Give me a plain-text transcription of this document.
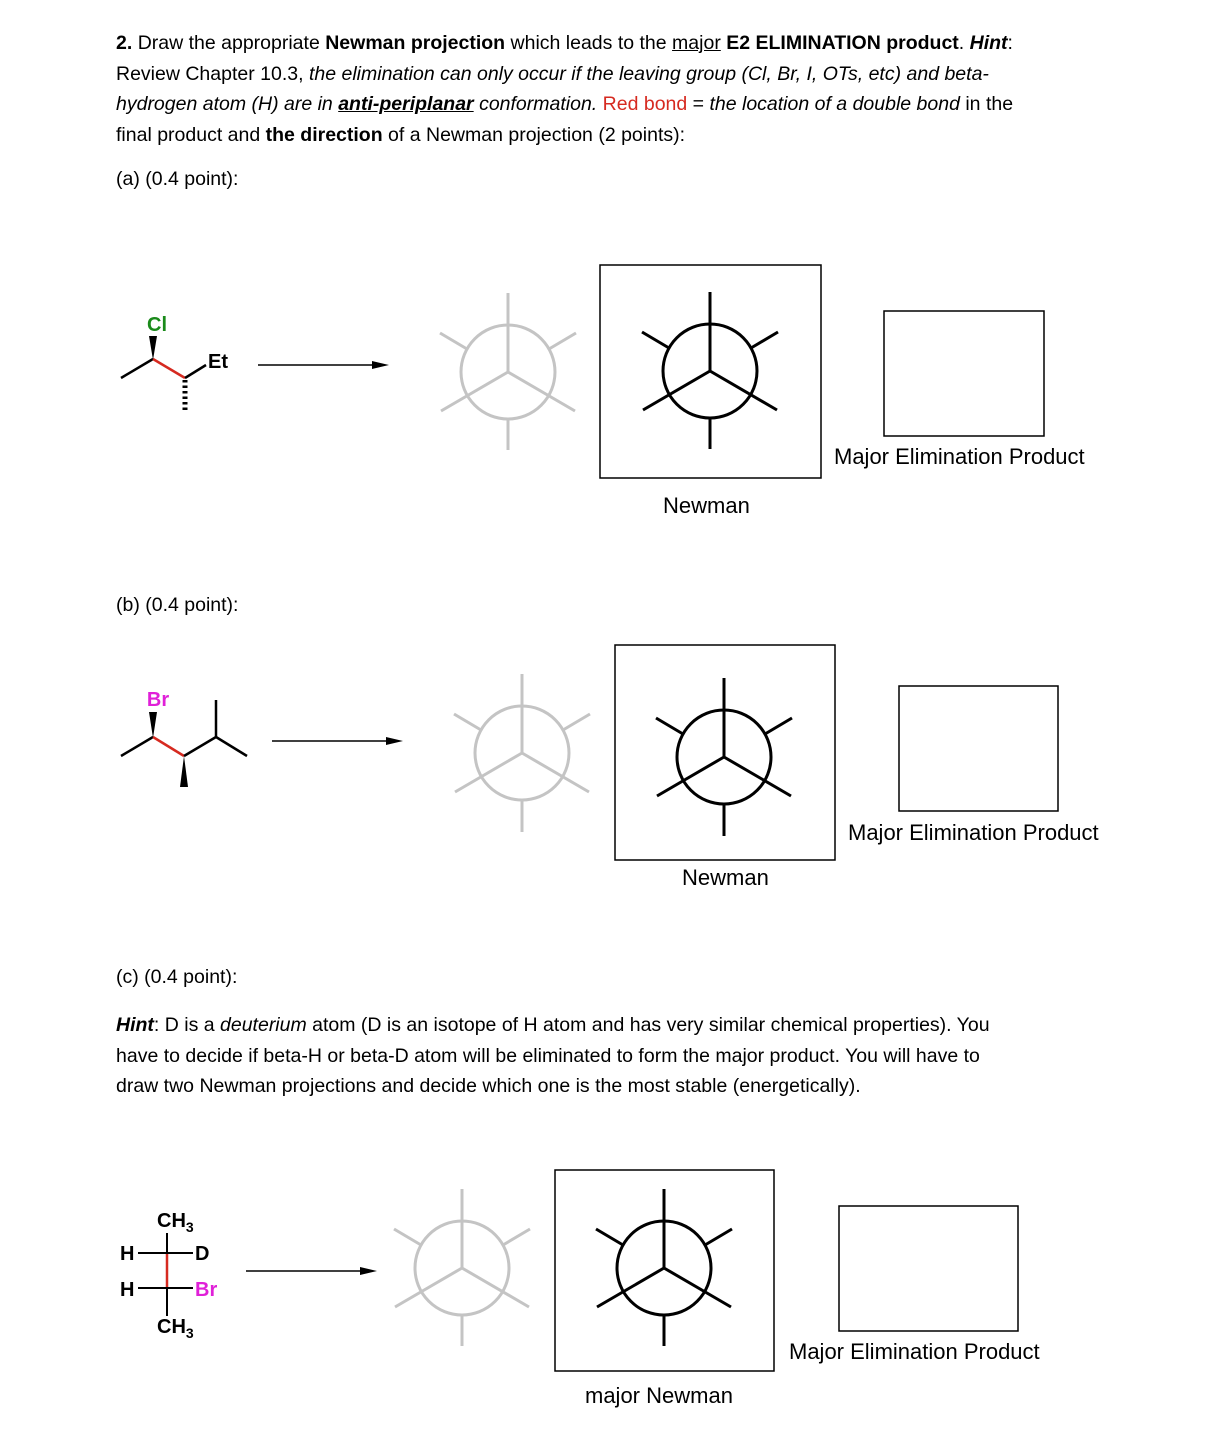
2. Draw the appropriate Newman projection which leads to the major E2 ELIMINATION product. Hint:
Review Chapter 10.3, the elimination can only occur if the leaving group (Cl, Br, I, OTs, etc) and beta-
hydrogen atom (H) are in anti-periplanar conformation. Red bond = the location of a double bond in the
final product and the direction of a Newman projection (2 points):
(a) (0.4 point):
(b) (0.4 point):
(c) (0.4 point):
Hint: D is a deuterium atom (D is an isotope of H atom and has very similar chemical properties). You
have to decide if beta-H or beta-D atom will be eliminated to form the major product. You will have to
draw two Newman projections and decide which one is the most stable (energetically).
Newman
Major Elimination Product
Newman
Major Elimination Product
major Newman
Major Elimination Product
Cl
Et
Br
$CH_3$
H	D
H	Br
$CH_3$
